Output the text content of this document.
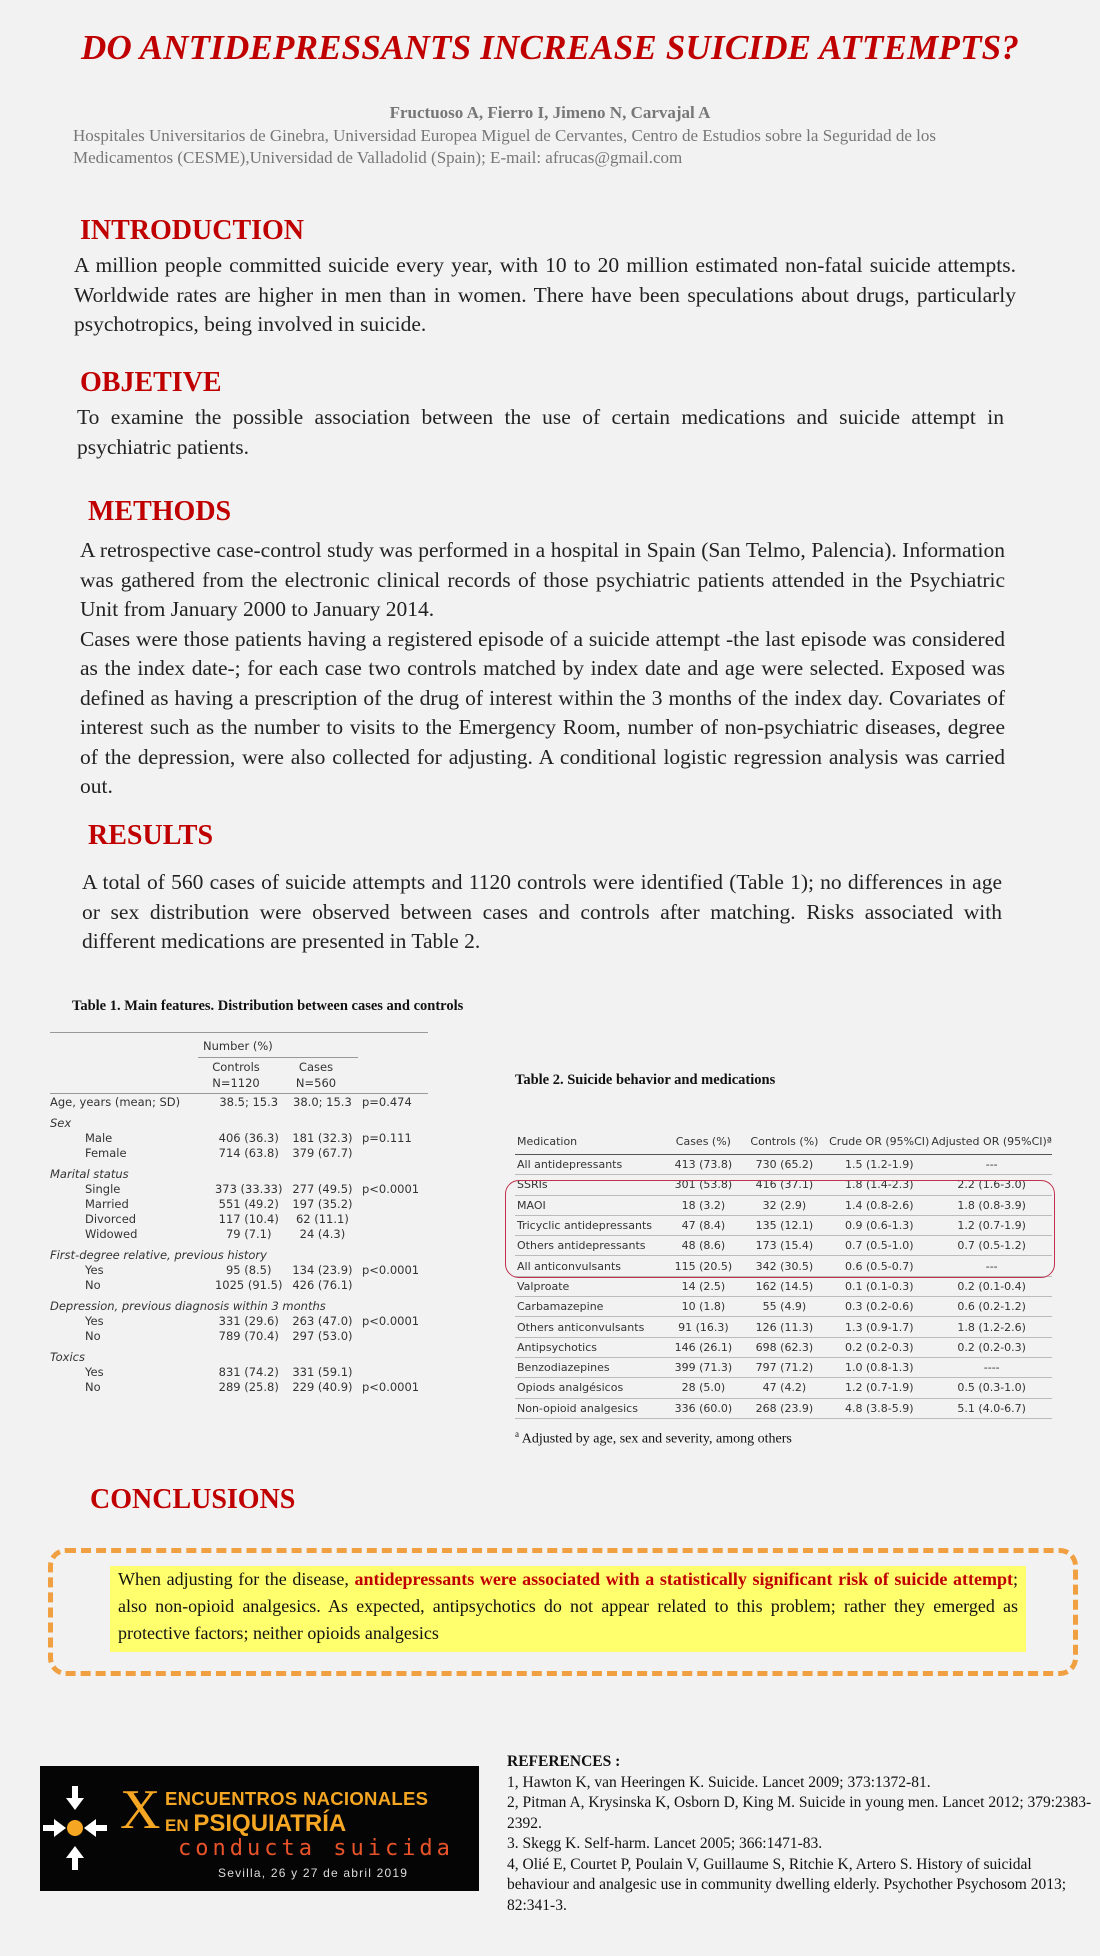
DO ANTIDEPRESSANTS INCREASE SUICIDE ATTEMPTS?
Fructuoso A, Fierro I, Jimeno N, Carvajal A
Hospitales Universitarios de Ginebra, Universidad Europea Miguel de Cervantes, Centro de Estudios sobre la Seguridad de los
Medicamentos (CESME),Universidad de Valladolid (Spain); E-mail: afrucas@gmail.com
INTRODUCTION
A million people committed suicide every year, with 10 to 20 million estimated non-fatal suicide attempts. Worldwide rates are higher in men than in women. There have been speculations about drugs, particularly psychotropics, being involved in suicide.
OBJETIVE
To examine the possible association between the use of certain medications and suicide attempt in psychiatric patients.
METHODS

A retrospective case-control study was performed in a hospital in Spain (San Telmo, Palencia). Information was gathered from the electronic clinical records of those psychiatric patients attended in the Psychiatric Unit from January 2000 to January 2014.

Cases were those patients having a registered episode of a suicide attempt -the last episode was considered as the index date-; for each case two controls matched by index date and age were selected. Exposed was defined as having a prescription of the drug of interest within the 3 months of the index day. Covariates of interest such as the number to visits to the Emergency Room, number of non-psychiatric diseases, degree of the depression, were also collected for adjusting. A conditional logistic regression analysis was carried out.

RESULTS
A total of 560 cases of suicide attempts and 1120 controls were identified (Table 1); no differences in age or sex distribution were observed between cases and controls after matching. Risks associated with different medications are presented in Table 2.
Table 1. Main features. Distribution between cases and controls
Number (%)
Controls	Cases
N=1120	N=560
Age, years (mean; SD)	38.5; 15.3	38.0; 15.3	p=0.474
Sex			
Male	406 (36.3)	181 (32.3)	p=0.111
Female	714 (63.8)	379 (67.7)	
Marital status			
Single	373 (33.33)	277 (49.5)	p<0.0001
Married	551 (49.2)	197 (35.2)	
Divorced	117 (10.4)	62 (11.1)	
Widowed	79 (7.1)	24 (4.3)	
First-degree relative, previous history			
Yes	95 (8.5)	134 (23.9)	p<0.0001
No	1025 (91.5)	426 (76.1)	
Depression, previous diagnosis within 3 months			
Yes	331 (29.6)	263 (47.0)	p<0.0001
No	789 (70.4)	297 (53.0)	
Toxics			
Yes	831 (74.2)	331 (59.1)	
No	289 (25.8)	229 (40.9)	p<0.0001
Table 2. Suicide behavior and medications
Medication	Cases (%)	Controls (%)	Crude OR (95%CI)	Adjusted OR (95%CI)ª
All antidepressants	413 (73.8)	730 (65.2)	1.5 (1.2-1.9)	---
SSRIs	301 (53.8)	416 (37.1)	1.8 (1.4-2.3)	2.2 (1.6-3.0)
MAOI	18 (3.2)	32 (2.9)	1.4 (0.8-2.6)	1.8 (0.8-3.9)
Tricyclic antidepressants	47 (8.4)	135 (12.1)	0.9 (0.6-1.3)	1.2 (0.7-1.9)
Others antidepressants	48 (8.6)	173 (15.4)	0.7 (0.5-1.0)	0.7 (0.5-1.2)
All anticonvulsants	115 (20.5)	342 (30.5)	0.6 (0.5-0.7)	---
Valproate	14 (2.5)	162 (14.5)	0.1 (0.1-0.3)	0.2 (0.1-0.4)
Carbamazepine	10 (1.8)	55 (4.9)	0.3 (0.2-0.6)	0.6 (0.2-1.2)
Others anticonvulsants	91 (16.3)	126 (11.3)	1.3 (0.9-1.7)	1.8 (1.2-2.6)
Antipsychotics	146 (26.1)	698 (62.3)	0.2 (0.2-0.3)	0.2 (0.2-0.3)
Benzodiazepines	399 (71.3)	797 (71.2)	1.0 (0.8-1.3)	----
Opiods analgésicos	28 (5.0)	47 (4.2)	1.2 (0.7-1.9)	0.5 (0.3-1.0)
Non-opioid analgesics	336 (60.0)	268 (23.9)	4.8 (3.8-5.9)	5.1 (4.0-6.7)
$^a$ Adjusted by age, sex and severity, among others
CONCLUSIONS
When adjusting for the disease, antidepressants were associated with a statistically significant risk of suicide attempt; also non-opioid analgesics. As expected, antipsychotics do not appear related to this problem; rather they emerged as protective factors; neither opioids analgesics
X ENCUENTROS NACIONALES
EN PSIQUIATRÍA
conducta suicida
Sevilla, 26 y 27 de abril 2019
REFERENCES :
1, Hawton K, van Heeringen K. Suicide. Lancet 2009; 373:1372-81.
2, Pitman A, Krysinska K, Osborn D, King M. Suicide in young men. Lancet 2012; 379:2383-2392.
3. Skegg K. Self-harm. Lancet 2005; 366:1471-83.
4, Olié E, Courtet P, Poulain V, Guillaume S, Ritchie K, Artero S. History of suicidal behaviour and analgesic use in community dwelling elderly. Psychother Psychosom 2013; 82:341-3.
